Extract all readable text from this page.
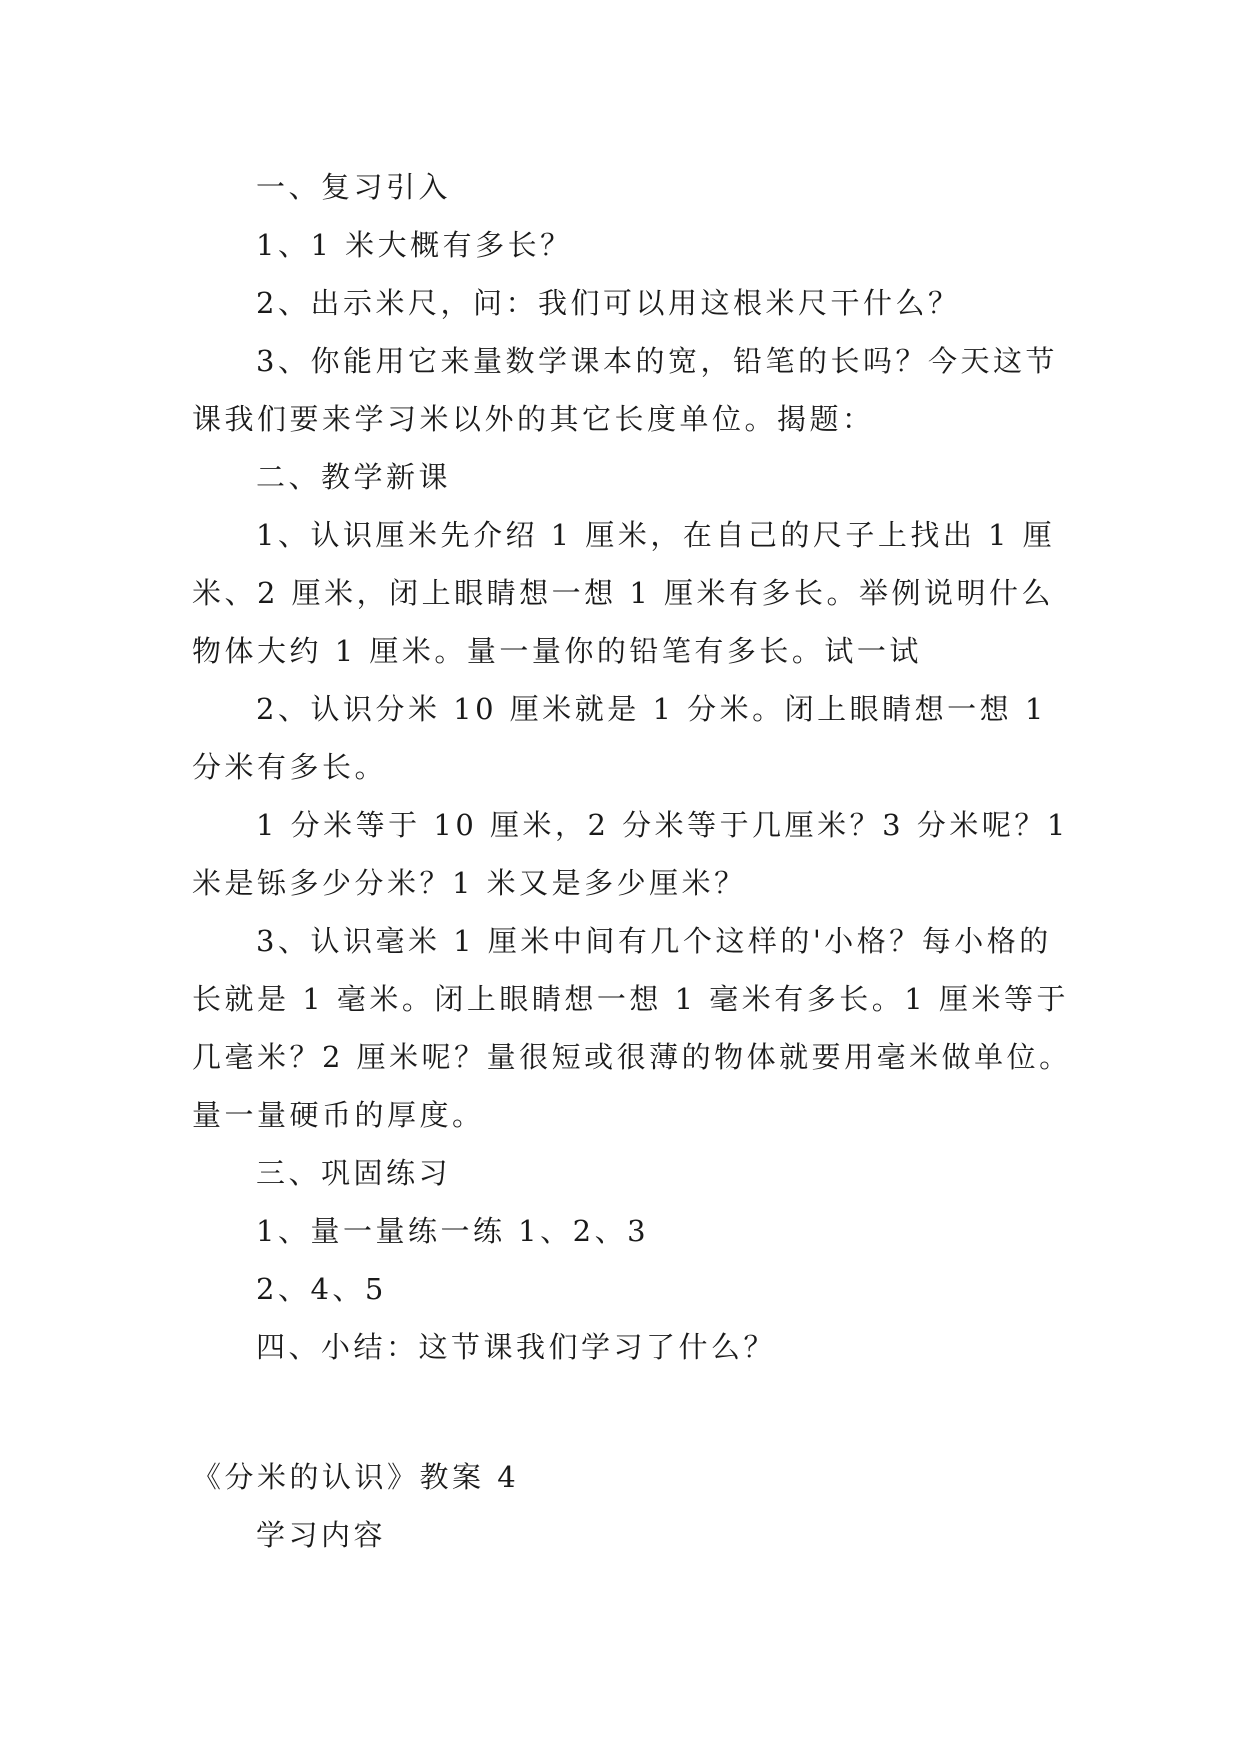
一、复习引入

1、1 米大概有多长？

2、出示米尺，问：我们可以用这根米尺干什么？

3、你能用它来量数学课本的宽，铅笔的长吗？今天这节课我们要来学习米以外的其它长度单位。揭题：

二、教学新课

1、认识厘米先介绍 1 厘米，在自己的尺子上找出 1 厘米、2 厘米，闭上眼睛想一想 1 厘米有多长。举例说明什么物体大约 1 厘米。量一量你的铅笔有多长。试一试

2、认识分米 10 厘米就是 1 分米。闭上眼睛想一想 1 分米有多长。

1 分米等于 10 厘米，2 分米等于几厘米？3 分米呢？1 米是铄多少分米？1 米又是多少厘米？

3、认识毫米 1 厘米中间有几个这样的'小格？每小格的长就是 1 毫米。闭上眼睛想一想 1 毫米有多长。1 厘米等于几毫米？2 厘米呢？量很短或很薄的物体就要用毫米做单位。量一量硬币的厚度。

三、巩固练习

1、量一量练一练 1、2、3

2、4、5

四、小结：这节课我们学习了什么？

《分米的认识》教案 4

学习内容
